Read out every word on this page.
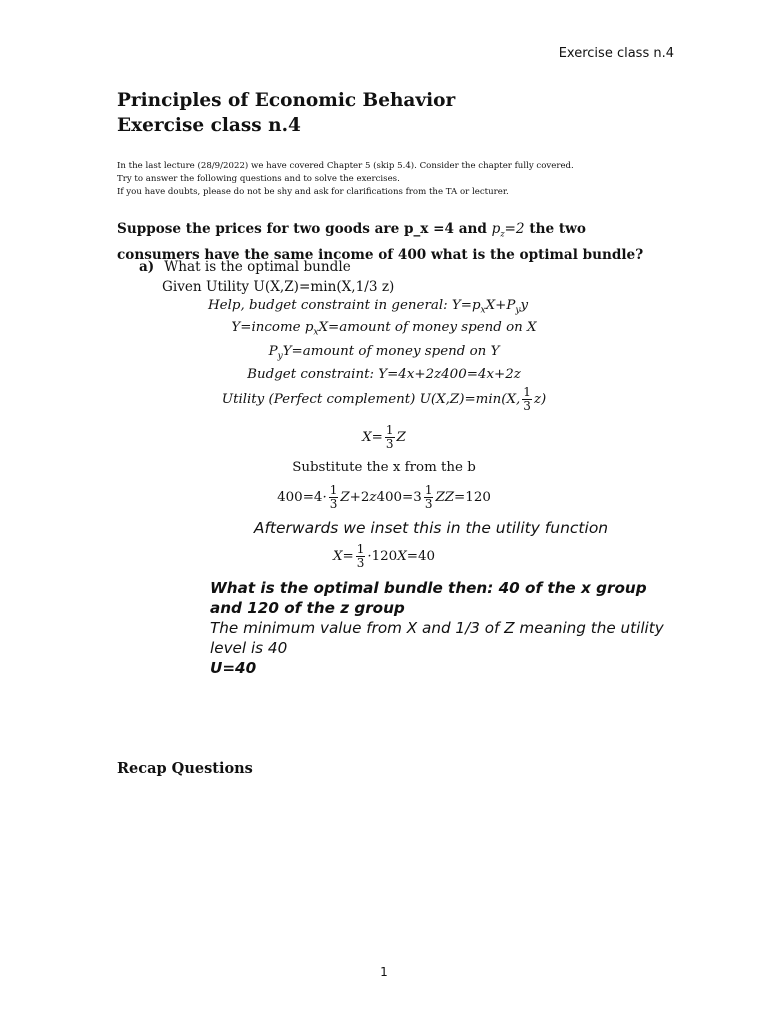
Exercise class n.4
Principles of Economic Behavior
Exercise class n.4
In the last lecture (28/9/2022) we have covered Chapter 5 (skip 5.4). Consider the chapter fully covered.
Try to answer the following questions and to solve the exercises.
If you have doubts, please do not be shy and ask for clarifications from the TA or lecturer.
Suppose the prices for two goods are p_x =4 and $p_z=2$ the two consumers have the same income of 400 what is the optimal bundle?
a) What is the optimal bundle
Given Utility U(X,Z)=min(X,1/3 z)
Help, budget constraint in general: $Y=p_xX+P_yy$
Y=income $p_xX=amount$ of money spend on X
$P_yY=amount$ of money spend on Y
Budget constraint: Y=4x+2z400=4x+2z
Utility (Perfect complement) U(X,Z)=min(X, $\frac{1}{3} z$)
$X= \frac{1}{3}$ Z
Substitute the x from the b
$400=4\cdot \frac{1}{3} Z+2z400=3 \frac{1}{3} ZZ=120$
Afterwards we inset this in the utility function
$X= \frac{1}{3} \cdot 120X=40$
What is the optimal bundle then: 40 of the x group and 120 of the z group
The minimum value from X and 1/3 of Z meaning the utility level is 40
U=40
Recap Questions
1
